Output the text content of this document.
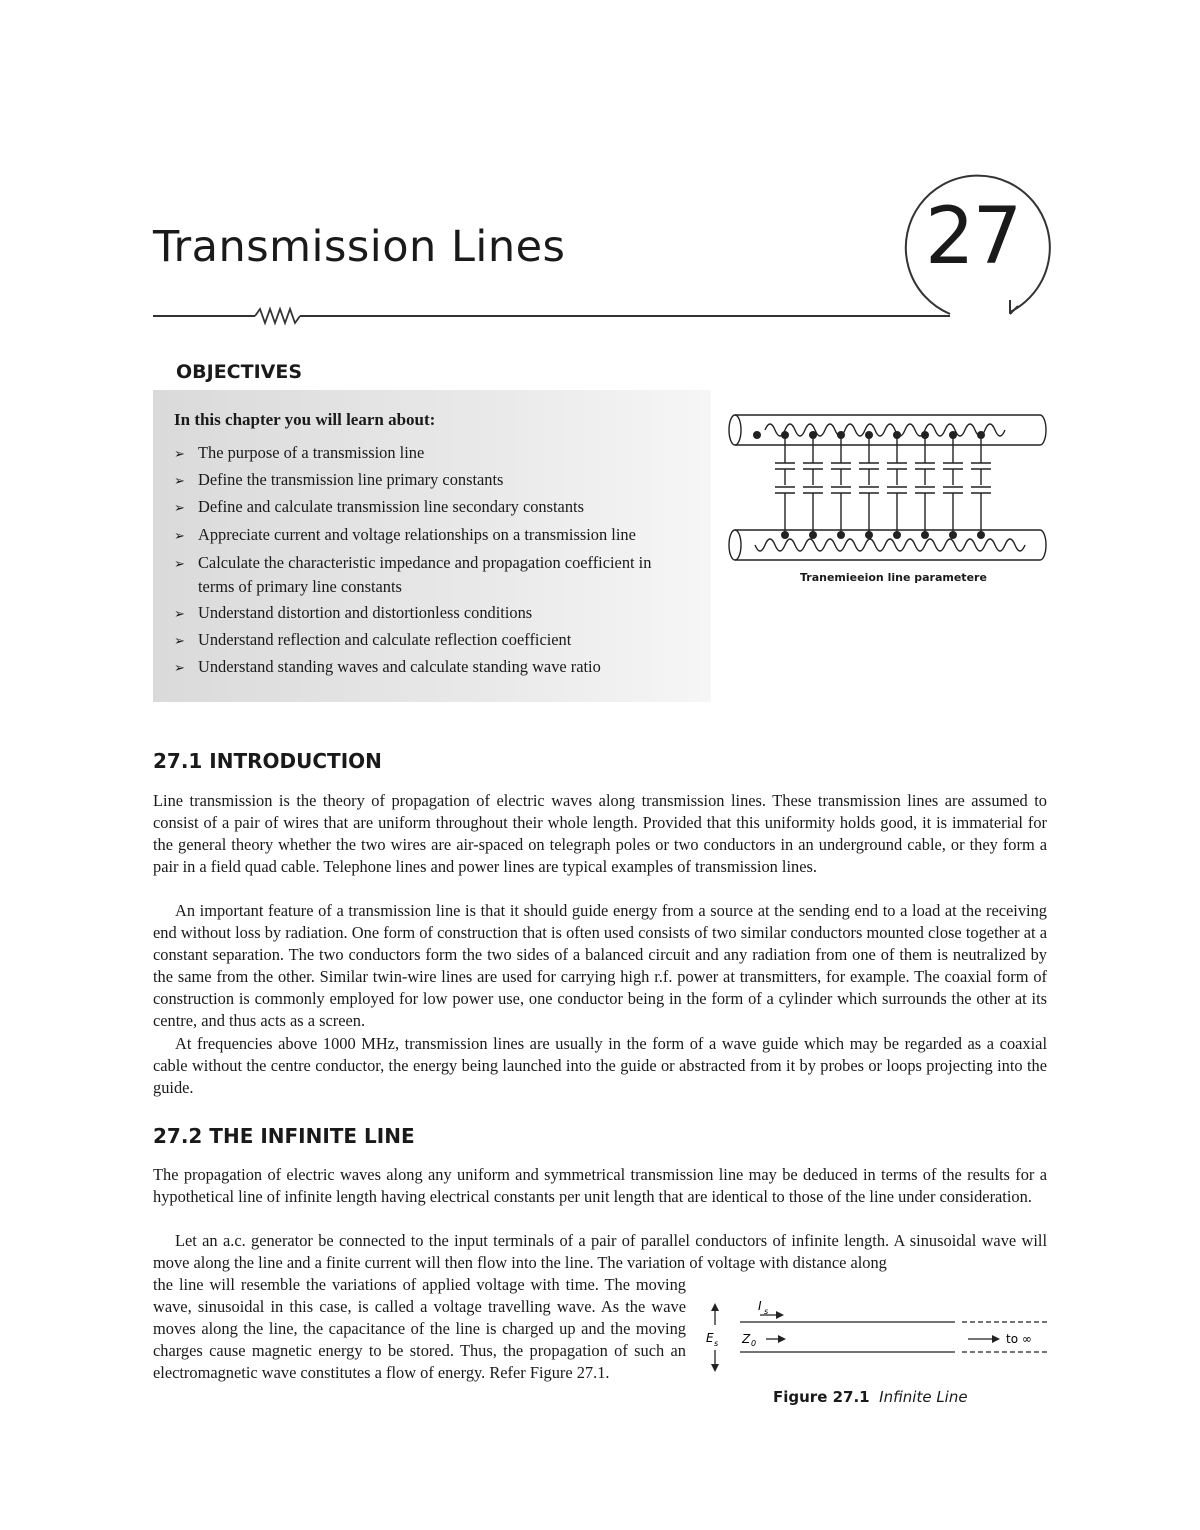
Transmission Lines	27
OBJECTIVES
In this chapter you will learn about:
➢ The purpose of a transmission line
➢ Define the transmission line primary constants
➢ Define and calculate transmission line secondary constants
➢ Appreciate current and voltage relationships on a transmission line
➢ Calculate the characteristic impedance and propagation coefficient in
terms of primary line constants
➢ Understand distortion and distortionless conditions
➢ Understand reflection and calculate reflection coefficient
➢ Understand standing waves and calculate standing wave ratio
Tranemieeion line parametere
27.1 INTRODUCTION

Line transmission is the theory of propagation of electric waves along transmission lines. These transmission lines are assumed to consist of a pair of wires that are uniform throughout their whole length. Provided that this uniformity holds good, it is immaterial for the general theory whether the two wires are air-spaced on telegraph poles or two conductors in an underground cable, or they form a pair in a field quad cable. Telephone lines and power lines are typical examples of transmission lines.

An important feature of a transmission line is that it should guide energy from a source at the sending end to a load at the receiving end without loss by radiation. One form of construction that is often used consists of two similar conductors mounted close together at a constant separation. The two conductors form the two sides of a balanced circuit and any radiation from one of them is neutralized by the same from the other. Similar twin-wire lines are used for carrying high r.f. power at transmitters, for example. The coaxial form of construction is commonly employed for low power use, one conductor being in the form of a cylinder which surrounds the other at its centre, and thus acts as a screen.

At frequencies above 1000 MHz, transmission lines are usually in the form of a wave guide which may be regarded as a coaxial cable without the centre conductor, the energy being launched into the guide or abstracted from it by probes or loops projecting into the guide.

27.2 THE INFINITE LINE

The propagation of electric waves along any uniform and symmetrical transmission line may be deduced in terms of the results for a hypothetical line of infinite length having electrical constants per unit length that are identical to those of the line under consideration.

Let an a.c. generator be connected to the input terminals of a pair of parallel conductors of infinite length. A sinusoidal wave will move along the line and a finite current will then flow into the line. The variation of voltage with distance along

the line will resemble the variations of applied voltage with time. The moving wave, sinusoidal in this case, is called a voltage travelling wave. As the wave moves along the line, the capacitance of the line is charged up and the moving charges cause magnetic energy to be stored. Thus, the propagation of such an electromagnetic wave constitutes a flow of energy. Refer Figure 27.1.

I s
E s Z 0	to ∞
Figure 27.1 Infinite Line
